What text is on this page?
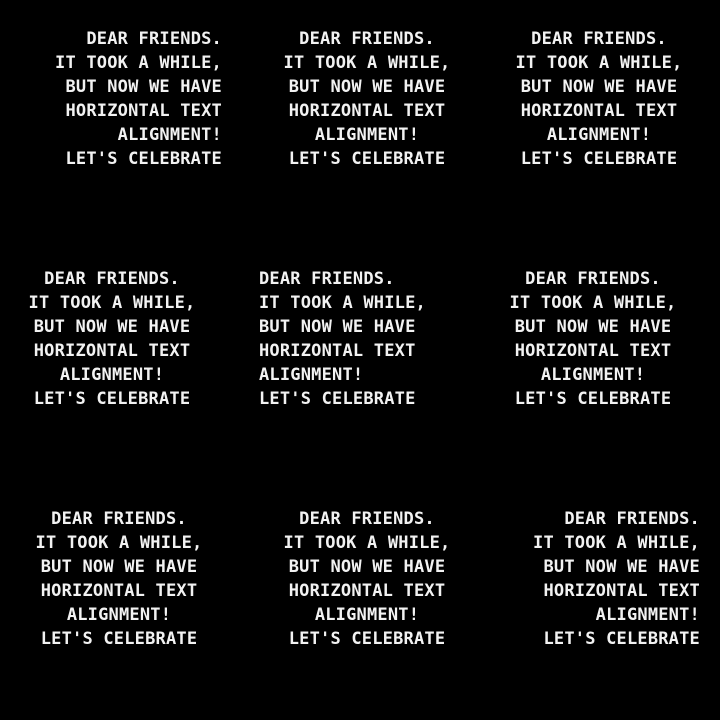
DEAR FRIENDS.
IT TOOK A WHILE,
BUT NOW WE HAVE
HORIZONTAL TEXT
ALIGNMENT!
LET'S CELEBRATE
DEAR FRIENDS.
IT TOOK A WHILE,
BUT NOW WE HAVE
HORIZONTAL TEXT
ALIGNMENT!
LET'S CELEBRATE
DEAR FRIENDS.
IT TOOK A WHILE,
BUT NOW WE HAVE
HORIZONTAL TEXT
ALIGNMENT!
LET'S CELEBRATE
DEAR FRIENDS.
IT TOOK A WHILE,
BUT NOW WE HAVE
HORIZONTAL TEXT
ALIGNMENT!
LET'S CELEBRATE
DEAR FRIENDS.
IT TOOK A WHILE,
BUT NOW WE HAVE
HORIZONTAL TEXT
ALIGNMENT!
LET'S CELEBRATE
DEAR FRIENDS.
IT TOOK A WHILE,
BUT NOW WE HAVE
HORIZONTAL TEXT
ALIGNMENT!
LET'S CELEBRATE
DEAR FRIENDS.
IT TOOK A WHILE,
BUT NOW WE HAVE
HORIZONTAL TEXT
ALIGNMENT!
LET'S CELEBRATE
DEAR FRIENDS.
IT TOOK A WHILE,
BUT NOW WE HAVE
HORIZONTAL TEXT
ALIGNMENT!
LET'S CELEBRATE
DEAR FRIENDS.
IT TOOK A WHILE,
BUT NOW WE HAVE
HORIZONTAL TEXT
ALIGNMENT!
LET'S CELEBRATE
